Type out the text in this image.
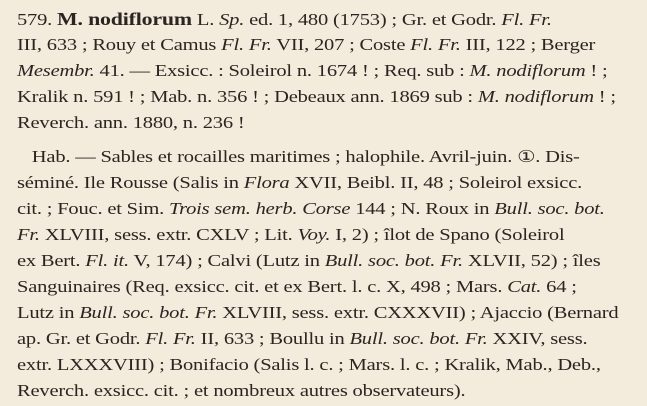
579. M. nodiflorum L. Sp. ed. 1, 480 (1753) ; Gr. et Godr. Fl. Fr.
III, 633 ; Rouy et Camus Fl. Fr. VII, 207 ; Coste Fl. Fr. III, 122 ; Berger
Mesembr. 41. — Exsicc. : Soleirol n. 1674 ! ; Req. sub : M. nodiflorum ! ;
Kralik n. 591 ! ; Mab. n. 356 ! ; Debeaux ann. 1869 sub : M. nodiflorum ! ;
Reverch. ann. 1880, n. 236 !
Hab. — Sables et rocailles maritimes ; halophile. Avril-juin. ①. Dis-
séminé. Ile Rousse (Salis in Flora XVII, Beibl. II, 48 ; Soleirol exsicc.
cit. ; Fouc. et Sim. Trois sem. herb. Corse 144 ; N. Roux in Bull. soc. bot.
Fr. XLVIII, sess. extr. CXLV ; Lit. Voy. I, 2) ; îlot de Spano (Soleirol
ex Bert. Fl. it. V, 174) ; Calvi (Lutz in Bull. soc. bot. Fr. XLVII, 52) ; îles
Sanguinaires (Req. exsicc. cit. et ex Bert. l. c. X, 498 ; Mars. Cat. 64 ;
Lutz in Bull. soc. bot. Fr. XLVIII, sess. extr. CXXXVII) ; Ajaccio (Bernard
ap. Gr. et Godr. Fl. Fr. II, 633 ; Boullu in Bull. soc. bot. Fr. XXIV, sess.
extr. LXXXVIII) ; Bonifacio (Salis l. c. ; Mars. l. c. ; Kralik, Mab., Deb.,
Reverch. exsicc. cit. ; et nombreux autres observateurs).
